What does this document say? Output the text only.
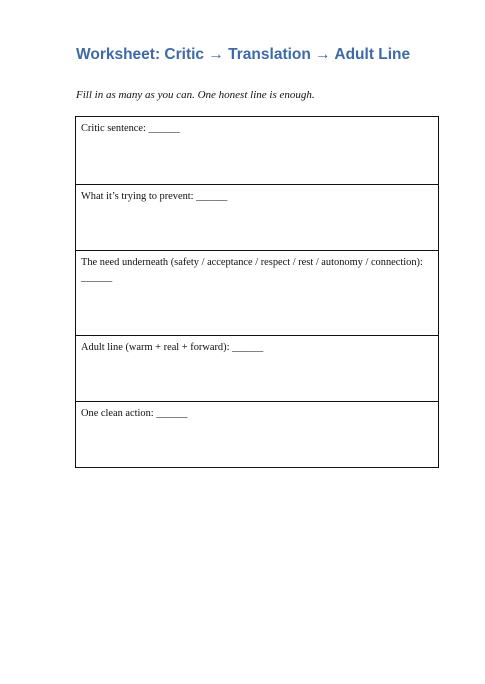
Worksheet: Critic → Translation → Adult Line

Fill in as many as you can. One honest line is enough.

Critic sentence: ______
What it’s trying to prevent: ______
The need underneath (safety / acceptance / respect / rest / autonomy / connection): ______
Adult line (warm + real + forward): ______
One clean action: ______
